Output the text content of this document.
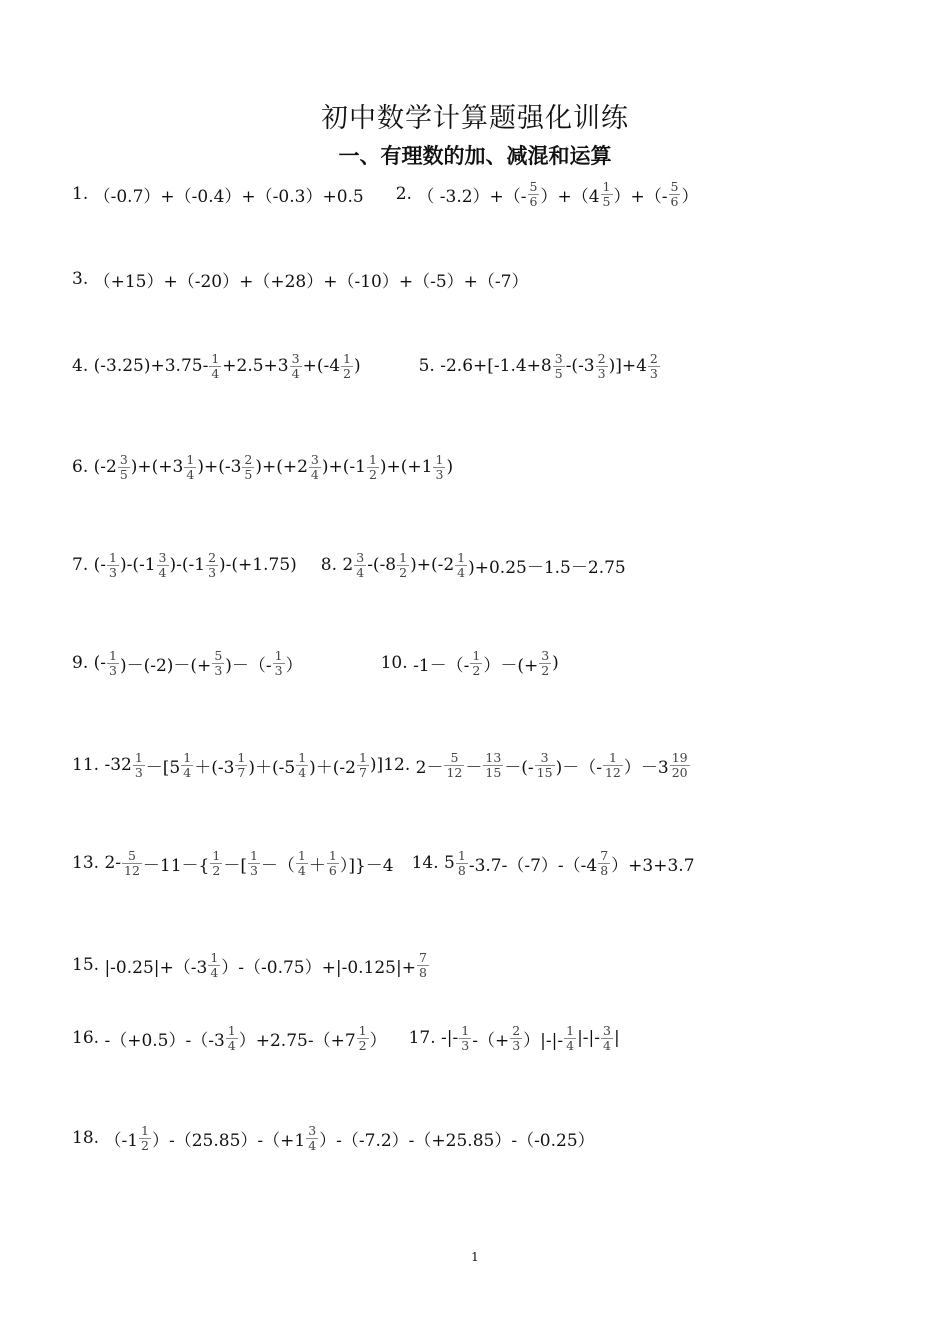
初中数学计算题强化训练
一、有理数的加、减混和运算
1. （-0.7）+（-0.4）+（-0.3）+0.5 2. （ $-3.2)+(- \frac{5}{6} )+(4 \frac{1}{5}$ ）+（- $\frac{5}{6}$ ）
3. （+15）+（-20）+（+28）+（-10）+（-5）+（-7）
4. $(-3.25)+3.75- \frac{1}{4} +2.5+3 \frac{3}{4} +(-4 \frac{1}{2}$ )	5. $-2.6+[-1.4+8 \frac{3}{5} -(-3 \frac{2}{3} )]+4 \frac{2}{3}$
6. $(-2 \frac{3}{5} )+(+3 \frac{1}{4} )+(-3 \frac{2}{5} )+(+2 \frac{3}{4} )+(-1 \frac{1}{2} )+(+1 \frac{1}{3}$ )
7. (- $\frac{1}{3} )-(-1 \frac{3}{4} )-(-1 \frac{2}{3} )-(+1.75)$ 8. $2 \frac{3}{4} -(-8 \frac{1}{2} )+(-2 \frac{1}{4} )+0.25-1.5-2.75$
9. (- $\frac{1}{3} )-(-2)-(+ \frac{5}{3}$ )－（- $\frac{1}{3}$ ）	10. $-1-(- \frac{1}{2}$ ）－(+ $\frac{3}{2}$ )
11. $-32 \frac{1}{3} -[5 \frac{1}{4} +(-3 \frac{1}{7} )+(-5 \frac{1}{4} )+(-2 \frac{1}{7}$ )] 12. $2- \frac{5}{12} - \frac{13}{15}$ －(- $\frac{3}{15}$ )－（- $\frac{1}{12} )-3 \frac{19}{20}$
13. $2- \frac{5}{12} -11-\{ \frac{1}{2}$ －[ $\frac{1}{3}$ －（ $\frac{1}{4} + \frac{1}{6} )]\}-4$ 14. $5 \frac{1}{8} -3.7-(-7)-(-4 \frac{7}{8} )+3+3.7$
15. $|-0.25|+(-3 \frac{1}{4} )-(-0.75)+|-0.125|+ \frac{7}{8}$
16. $-(+0.5)-(-3 \frac{1}{4} )+2.75-(+7 \frac{1}{2}$ ） 17. -|- $\frac{1}{3}$ -（+ $\frac{2}{3}$ ）|-|- $\frac{1}{4}$ |-|- $\frac{3}{4}$ |
18. $(-1 \frac{1}{2} )-(25.85)-(+1 \frac{3}{4} )-(-7.2)-(+25.85)-(-0.25)$
1
